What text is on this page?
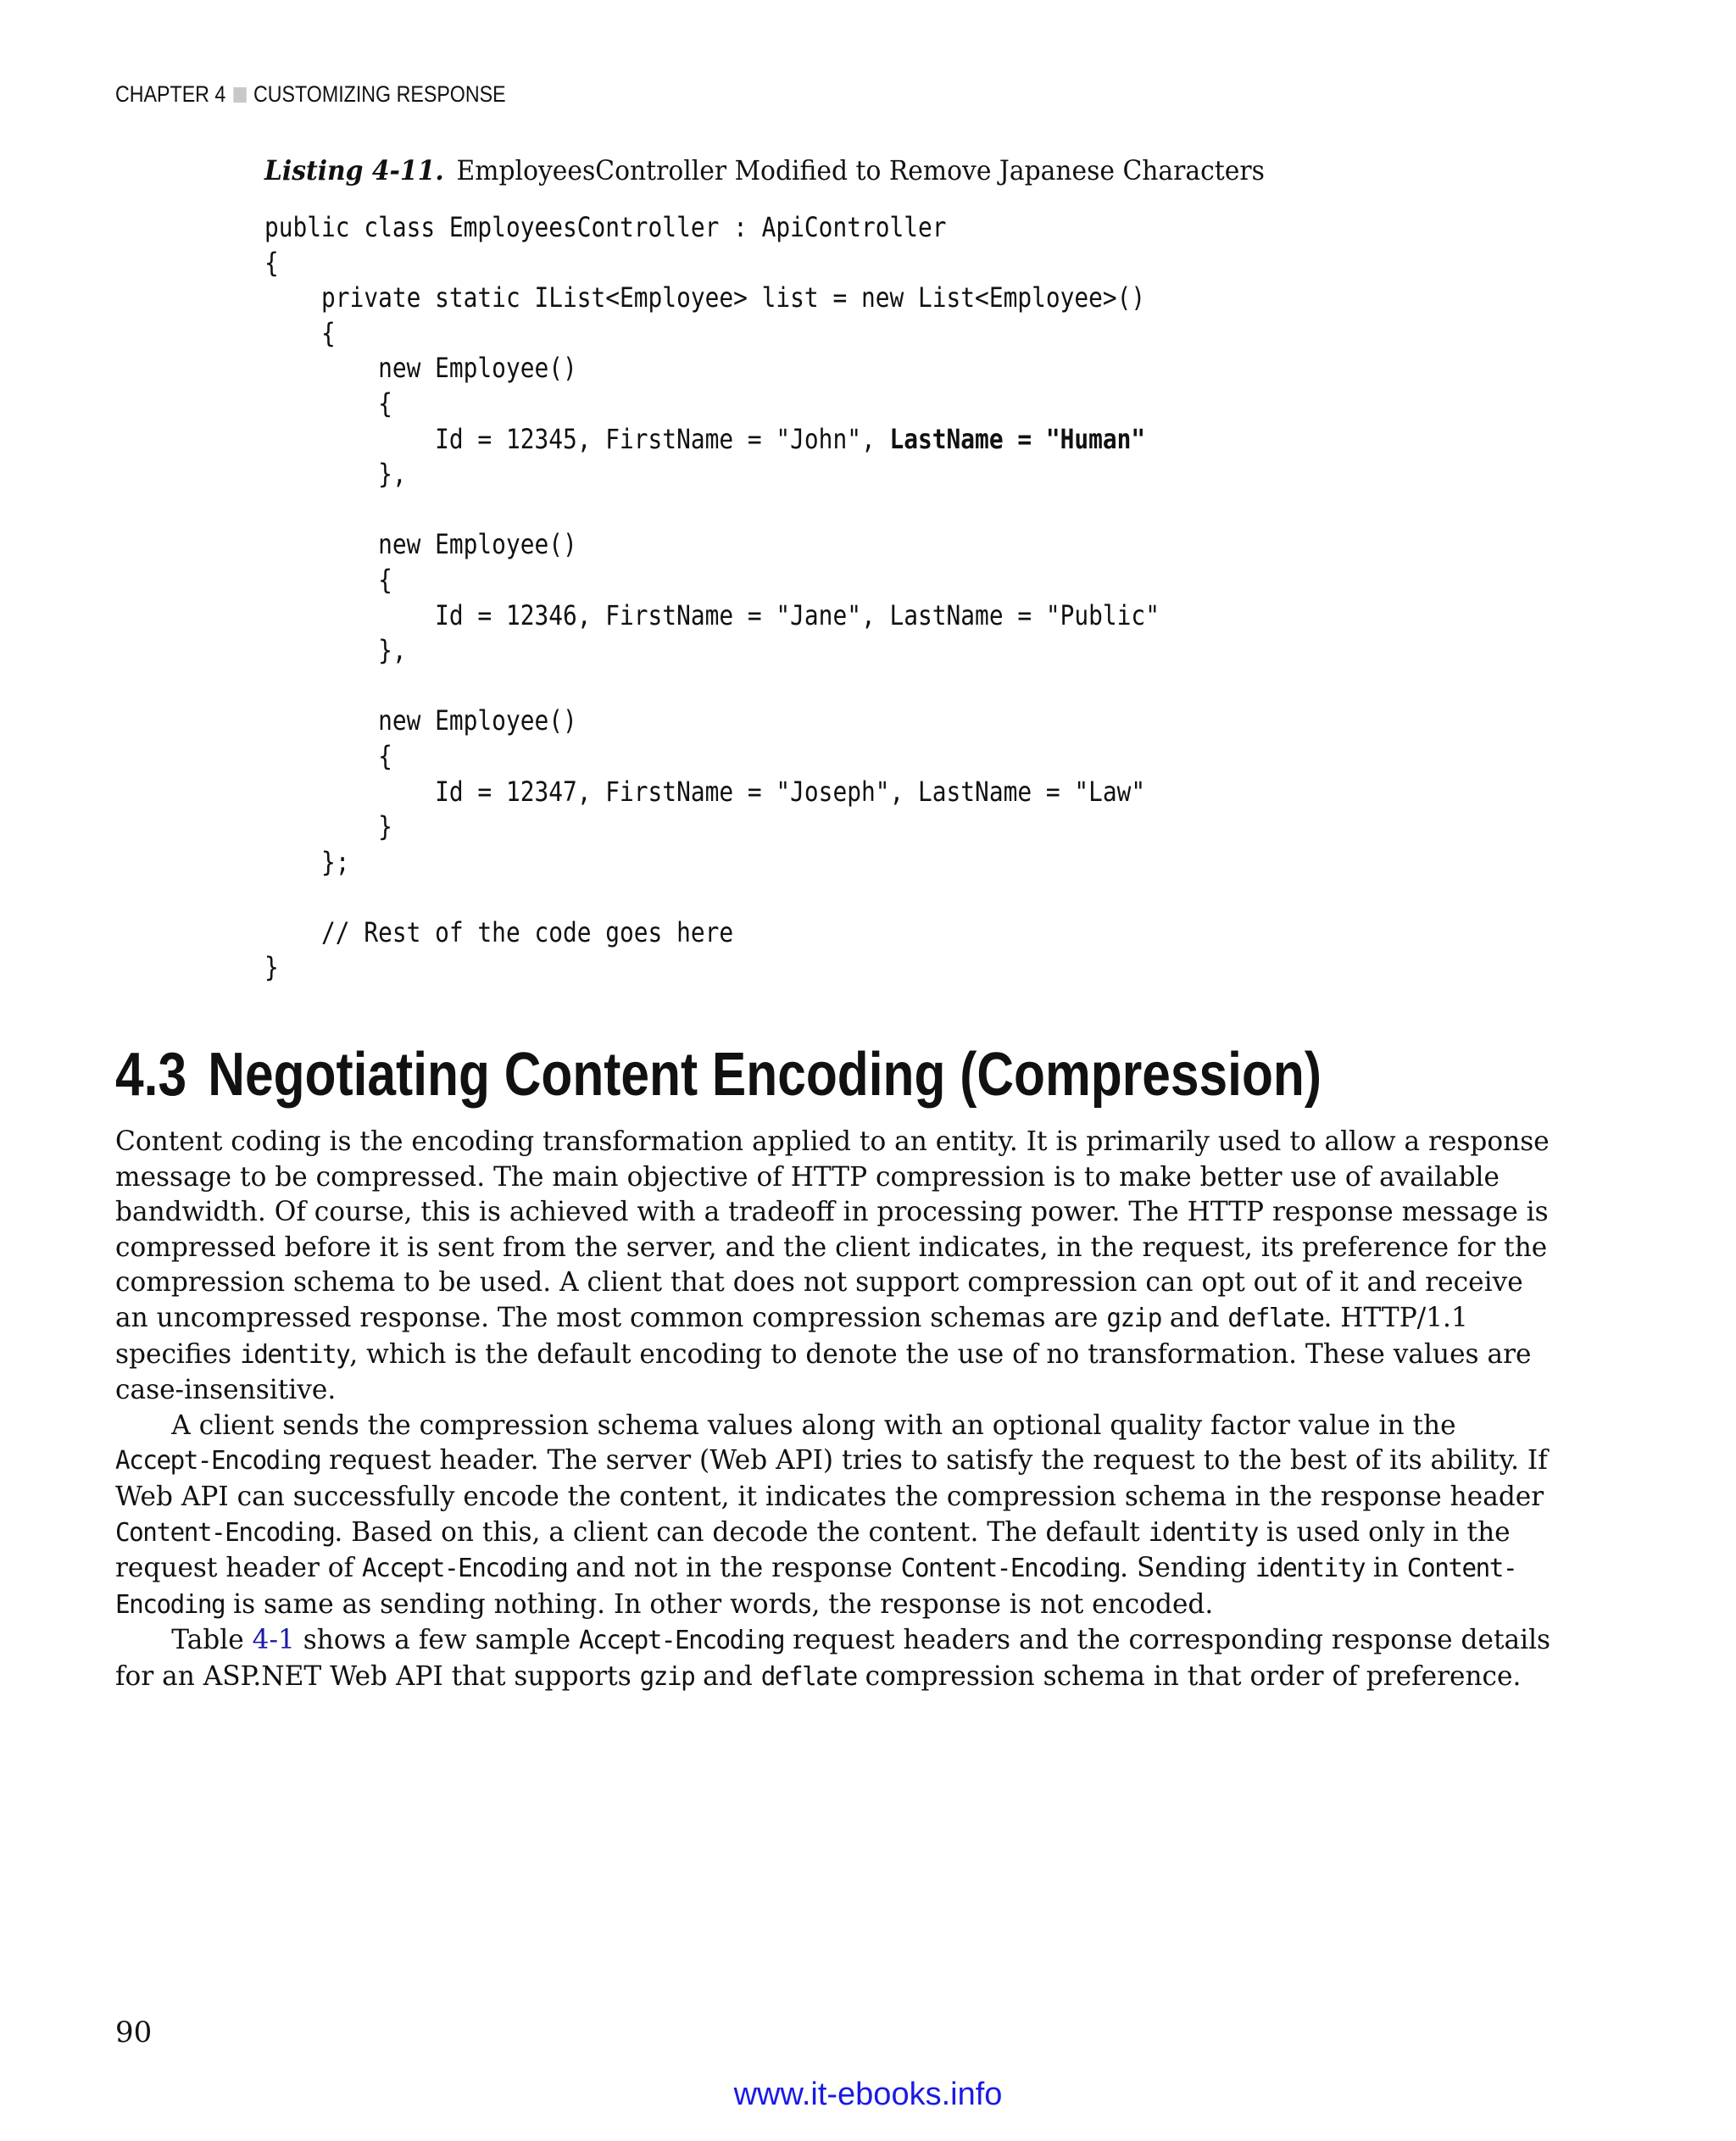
CHAPTER 4 CUSTOMIZING RESPONSE
Listing 4-11. EmployeesController Modified to Remove Japanese Characters
public class EmployeesController : ApiController
{
private static IList<Employee> list = new List<Employee>()
{
new Employee()
{
Id = 12345, FirstName = "John", LastName = "Human"
},
new Employee()
{
Id = 12346, FirstName = "Jane", LastName = "Public"
},
new Employee()
{
Id = 12347, FirstName = "Joseph", LastName = "Law"
}
};
// Rest of the code goes here
}
4.3 Negotiating Content Encoding (Compression)

Content coding is the encoding transformation applied to an entity. It is primarily used to allow a response message to be compressed. The main objective of HTTP compression is to make better use of available bandwidth. Of course, this is achieved with a tradeoff in processing power. The HTTP response message is compressed before it is sent from the server, and the client indicates, in the request, its preference for the compression schema to be used. A client that does not support compression can opt out of it and receive an uncompressed response. The most common compression schemas are gzip and deflate. HTTP/1.1 specifies identity, which is the default encoding to denote the use of no transformation. These values are case-insensitive.

A client sends the compression schema values along with an optional quality factor value in the Accept-Encoding request header. The server (Web API) tries to satisfy the request to the best of its ability. If Web API can successfully encode the content, it indicates the compression schema in the response header Content-Encoding. Based on this, a client can decode the content. The default identity is used only in the request header of Accept-Encoding and not in the response Content-Encoding. Sending identity in Content-Encoding is same as sending nothing. In other words, the response is not encoded.

Table 4-1 shows a few sample Accept-Encoding request headers and the corresponding response details for an ASP.NET Web API that supports gzip and deflate compression schema in that order of preference.

90
www.it-ebooks.info
